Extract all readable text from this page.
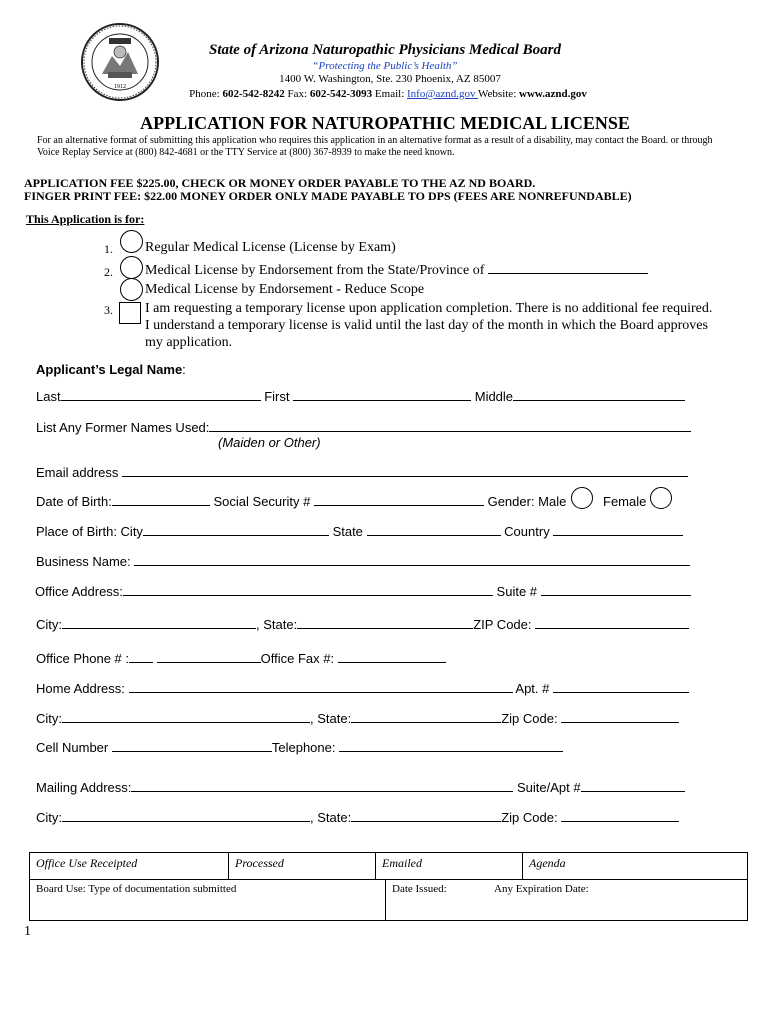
1912
State of Arizona Naturopathic Physicians Medical Board
“Protecting the Public’s Health”
1400 W. Washington, Ste. 230 Phoenix, AZ 85007
Phone: 602-542-8242 Fax: 602-542-3093 Email: Info@aznd.gov Website: www.aznd.gov
APPLICATION FOR NATUROPATHIC MEDICAL LICENSE
For an alternative format of submitting this application who requires this application in an alternative format as a result of a disability, may contact the Board. or through
Voice Replay Service at (800) 842-4681 or the TTY Service at (800) 367-8939 to make the need known.
APPLICATION FEE $225.00, CHECK OR MONEY ORDER PAYABLE TO THE AZ ND BOARD.
FINGER PRINT FEE: $22.00 MONEY ORDER ONLY MADE PAYABLE TO DPS (FEES ARE NONREFUNDABLE)
This Application is for:
1. Regular Medical License (License by Exam)
2. Medical License by Endorsement from the State/Province of
Medical License by Endorsement - Reduce Scope
3. I am requesting a temporary license upon application completion. There is no additional fee required.
I understand a temporary license is valid until the last day of the month in which the Board approves
my application.
Applicant’s Legal Name:
Last	First	Middle
List Any Former Names Used:
(Maiden or Other)
Email address
Date of Birth:	Social Security #	Gender: Male	Female
Place of Birth: City	State	Country
Business Name:
Office Address:	Suite #
City:	, State:	ZIP Code:
Office Phone # :	Office Fax #:
Home Address:	Apt. #
City:	, State:	Zip Code:
Cell Number	Telephone:
Mailing Address:	Suite/Apt #
City:	, State:	Zip Code:
Office Use Receipted	Processed	Emailed	Agenda
Board Use: Type of documentation submitted	Date Issued:	Any Expiration Date:
1
